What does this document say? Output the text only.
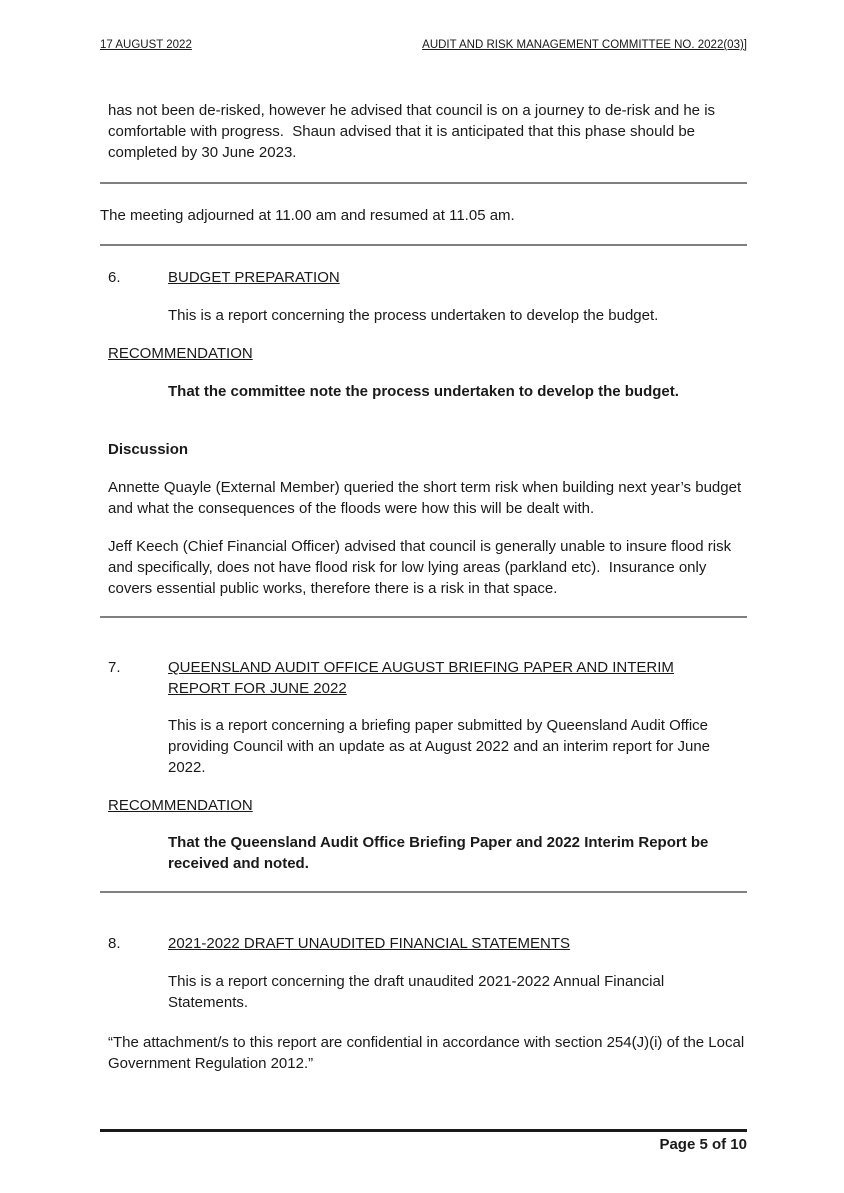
17 AUGUST 2022	AUDIT AND RISK MANAGEMENT COMMITTEE NO. 2022(03)]

has not been de-risked, however he advised that council is on a journey to de-risk and he is comfortable with progress.  Shaun advised that it is anticipated that this phase should be completed by 30 June 2023.

The meeting adjourned at 11.00 am and resumed at 11.05 am.

6.	BUDGET PREPARATION

This is a report concerning the process undertaken to develop the budget.

RECOMMENDATION

That the committee note the process undertaken to develop the budget.

Discussion

Annette Quayle (External Member) queried the short term risk when building next year’s budget and what the consequences of the floods were how this will be dealt with.

Jeff Keech (Chief Financial Officer) advised that council is generally unable to insure flood risk and specifically, does not have flood risk for low lying areas (parkland etc).  Insurance only covers essential public works, therefore there is a risk in that space.

7.	QUEENSLAND AUDIT OFFICE AUGUST BRIEFING PAPER AND INTERIM REPORT FOR JUNE 2022

This is a report concerning a briefing paper submitted by Queensland Audit Office providing Council with an update as at August 2022 and an interim report for June 2022.

RECOMMENDATION

That the Queensland Audit Office Briefing Paper and 2022 Interim Report be received and noted.

8.	2021-2022 DRAFT UNAUDITED FINANCIAL STATEMENTS

This is a report concerning the draft unaudited 2021-2022 Annual Financial Statements.

“The attachment/s to this report are confidential in accordance with section 254(J)(i) of the Local Government Regulation 2012.”

Page 5 of 10
